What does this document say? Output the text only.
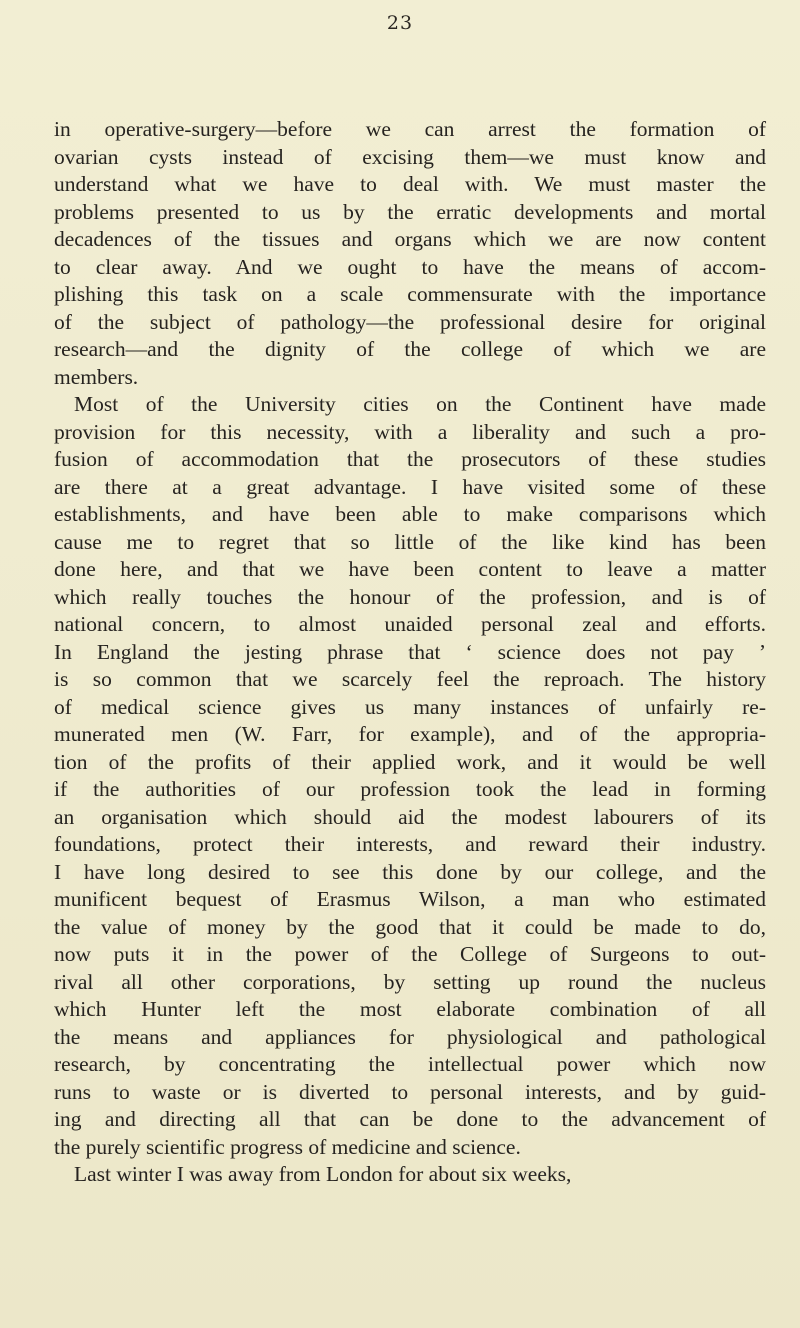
23
in operative-surgery—before we can arrest the formation of
ovarian cysts instead of excising them—we must know and
understand what we have to deal with. We must master the
problems presented to us by the erratic developments and mortal
decadences of the tissues and organs which we are now content
to clear away. And we ought to have the means of accom-
plishing this task on a scale commensurate with the importance
of the subject of pathology—the professional desire for original
research—and the dignity of the college of which we are
members.
Most of the University cities on the Continent have made
provision for this necessity, with a liberality and such a pro-
fusion of accommodation that the prosecutors of these studies
are there at a great advantage. I have visited some of these
establishments, and have been able to make comparisons which
cause me to regret that so little of the like kind has been
done here, and that we have been content to leave a matter
which really touches the honour of the profession, and is of
national concern, to almost unaided personal zeal and efforts.
In England the jesting phrase that ‘ science does not pay ’
is so common that we scarcely feel the reproach. The history
of medical science gives us many instances of unfairly re-
munerated men (W. Farr, for example), and of the appropria-
tion of the profits of their applied work, and it would be well
if the authorities of our profession took the lead in forming
an organisation which should aid the modest labourers of its
foundations, protect their interests, and reward their industry.
I have long desired to see this done by our college, and the
munificent bequest of Erasmus Wilson, a man who estimated
the value of money by the good that it could be made to do,
now puts it in the power of the College of Surgeons to out-
rival all other corporations, by setting up round the nucleus
which Hunter left the most elaborate combination of all
the means and appliances for physiological and pathological
research, by concentrating the intellectual power which now
runs to waste or is diverted to personal interests, and by guid-
ing and directing all that can be done to the advancement of
the purely scientific progress of medicine and science.
Last winter I was away from London for about six weeks,
